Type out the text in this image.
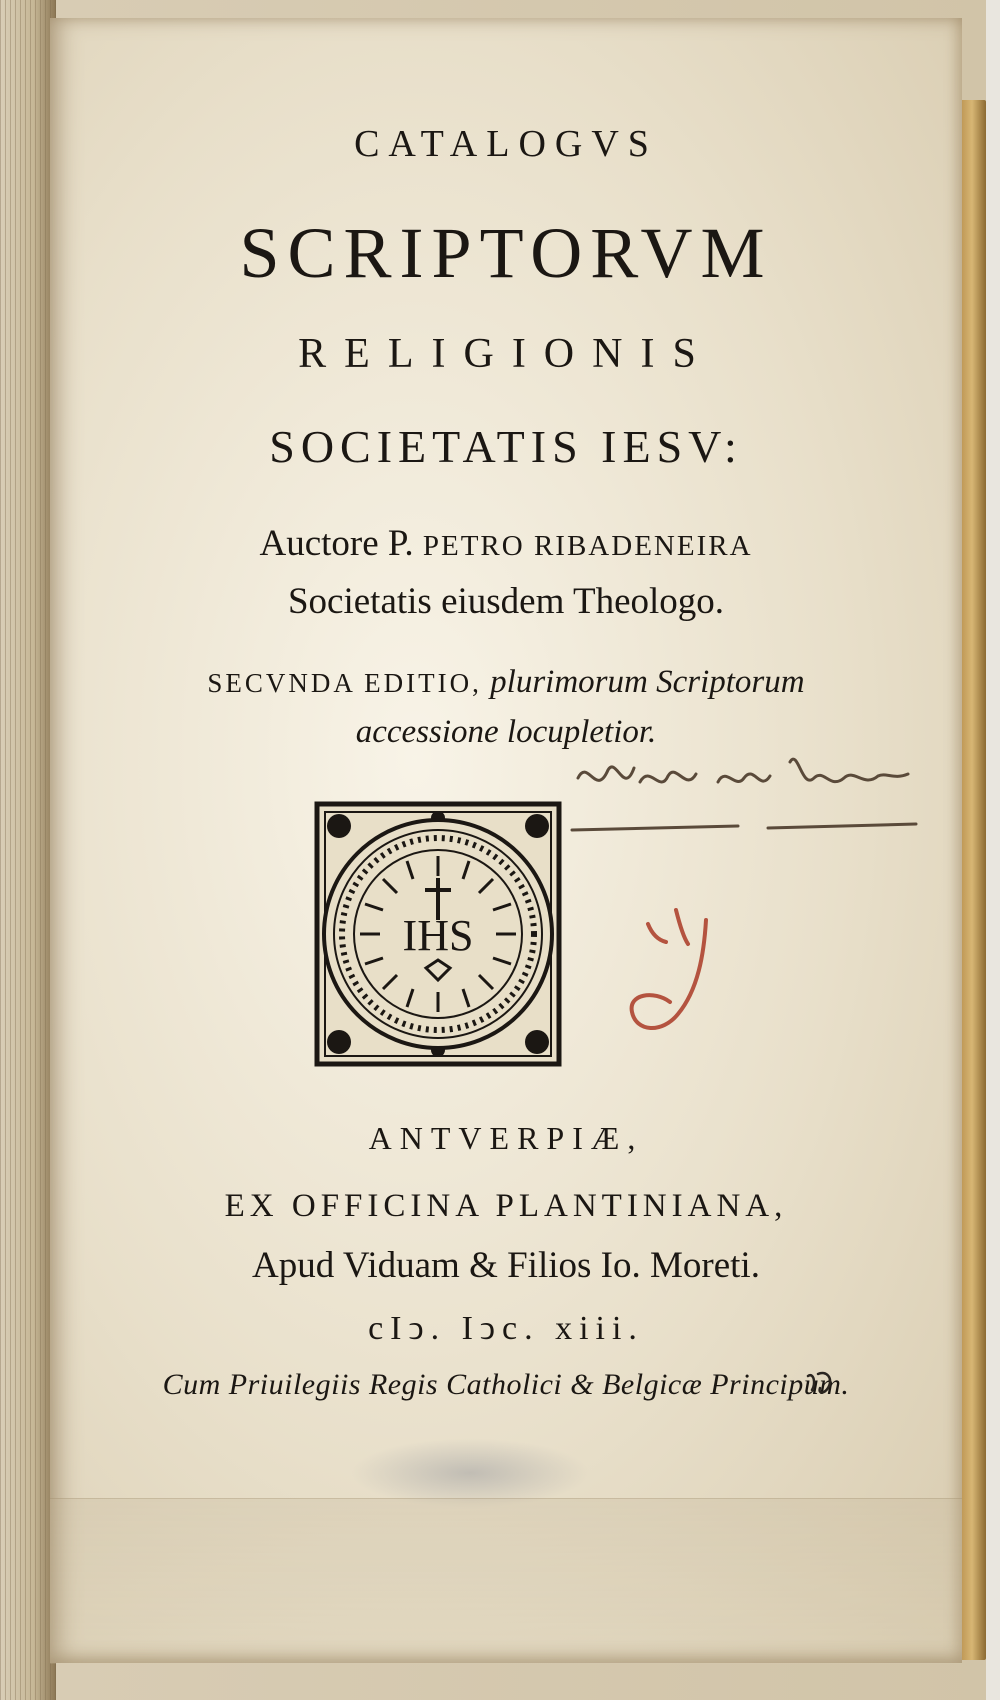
CATALOGVS
SCRIPTORVM
RELIGIONIS
SOCIETATIS IESV:
Auctore P. PETRO RIBADENEIRA
Societatis eiusdem Theologo.
SECVNDA EDITIO, plurimorum Scriptorum
accessione locupletior.
IHS
ANTVERPIÆ,
EX OFFICINA PLANTINIANA,
Apud Viduam & Filios Io. Moreti.
cIↄ. Iↄc. xiii.
Cum Priuilegiis Regis Catholici & Belgicæ Principum.
